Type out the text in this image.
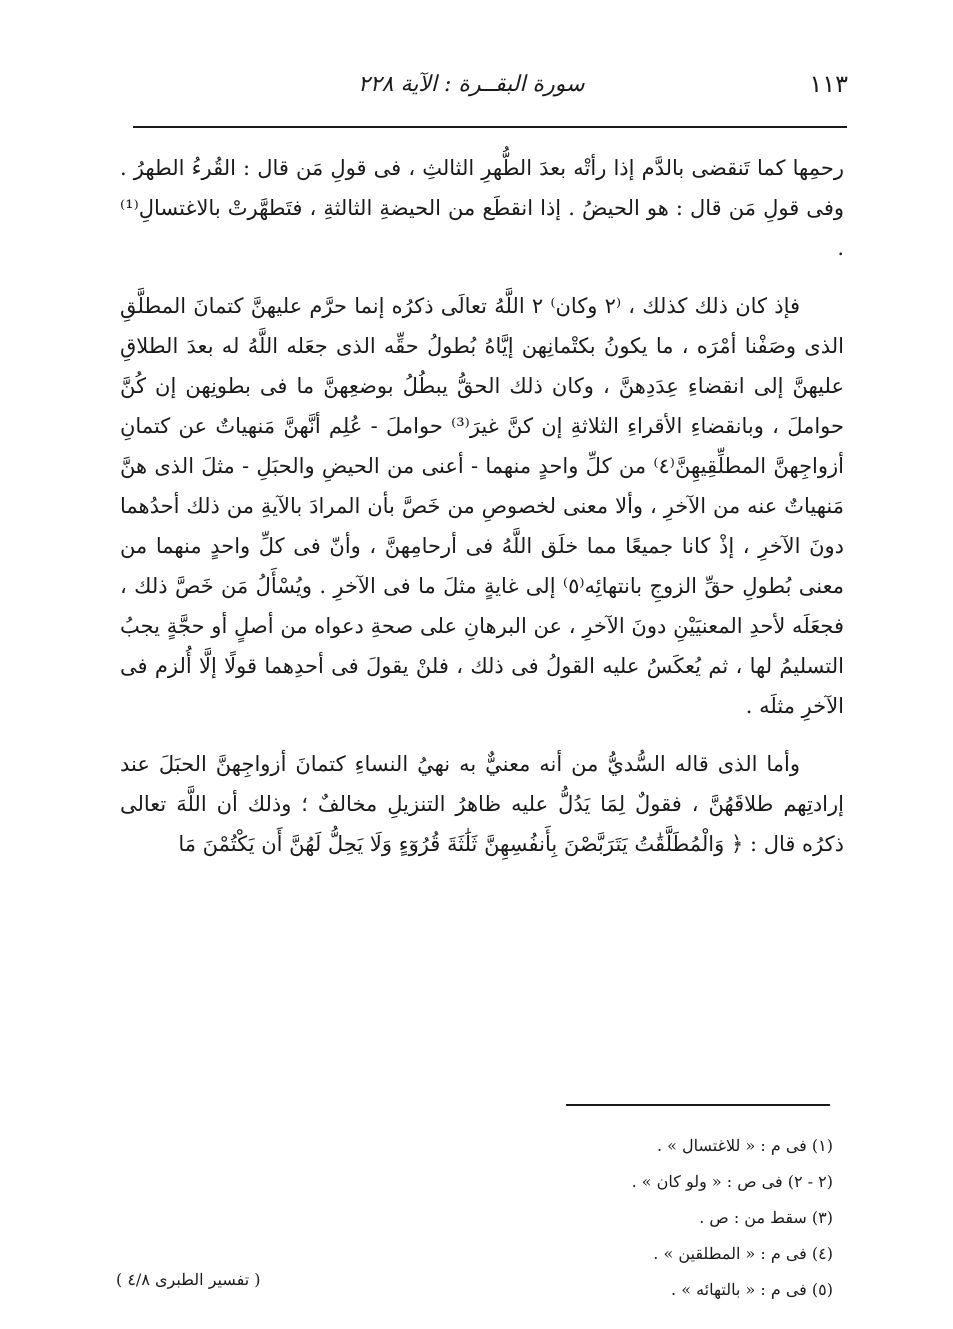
١١٣
سورة البقــرة : الآية ٢٢٨

رحمِها كما تَنقضى بالدَّم إذا رأتْه بعدَ الطُّهرِ الثالثِ ، فى قولِ مَن قال : القُرءُ الطهرُ . وفى قولِ مَن قال : هو الحيضُ . إذا انقطَع من الحيضةِ الثالثةِ ، فتَطهَّرتْ بالاغتسالِ⁽¹⁾ .

فإذ كان ذلك كذلك ، ⁽٢ وكان⁾ ٢ اللَّهُ تعالَى ذكرُه إنما حرَّم عليهنَّ كتمانَ المطلَّقِ الذى وصَفْنا أمْرَه ، ما يكونُ بكتْمانِهن إيَّاهُ بُطولُ حقِّه الذى جعَله اللَّهُ له بعدَ الطلاقِ عليهنَّ إلى انقضاءِ عِدَدِهنَّ ، وكان ذلك الحقُّ يبطُلُ بوضعِهنَّ ما فى بطونِهن إن كُنَّ حواملَ ، وبانقضاءِ الأقراءِ الثلاثةِ إن كنَّ غيرَ⁽³⁾ حواملَ - عُلِم أنَّهنَّ مَنهياتٌ عن كتمانِ أزواجِهنَّ المطلِّقِيهِنَّ⁽٤⁾ من كلِّ واحدٍ منهما - أعنى من الحيضِ والحبَلِ - مثلَ الذى هنَّ مَنهياتٌ عنه من الآخرِ ، وألا معنى لخصوصِ من خَصَّ بأن المرادَ بالآيةِ من ذلك أحدُهما دونَ الآخرِ ، إذْ كانا جميعًا مما خلَق اللَّهُ فى أرحامِهنَّ ، وأنّ فى كلِّ واحدٍ منهما من معنى بُطولِ حقِّ الزوجِ بانتهائِه⁽٥⁾ إلى غايةٍ مثلَ ما فى الآخرِ . ويُسْأَلُ مَن خَصَّ ذلك ، فجعَلَه لأحدِ المعنيَيْنِ دونَ الآخرِ ، عن البرهانِ على صحةِ دعواه من أصلٍ أو حجَّةٍ يجبُ التسليمُ لها ، ثم يُعكَسُ عليه القولُ فى ذلك ، فلنْ يقولَ فى أحدِهما قولًا إلَّا أُلزم فى الآخرِ مثلَه .

وأما الذى قاله السُّديُّ من أنه معنيٌّ به نهيُ النساءِ كتمانَ أزواجِهنَّ الحبَلَ عند إرادتِهم طلاقَهُنَّ ، فقولٌ لِمَا يَدُلُّ عليه ظاهرُ التنزيلِ مخالفٌ ؛ وذلك أن اللَّهَ تعالى ذكرُه قال : ﴿ وَالْمُطَلَّقَٰتُ يَتَرَبَّصْنَ بِأَنفُسِهِنَّ ثَلَٰثَةَ قُرُوٓءٍ وَلَا يَحِلُّ لَهُنَّ أَن يَكْتُمْنَ مَا

(١) فى م : « للاغتسال » .
(٢ - ٢) فى ص : « ولو كان » .
(٣) سقط من : ص .
(٤) فى م : « المطلقين » .
(٥) فى م : « بالتهائه » .
( تفسير الطبرى ٤/٨ )
